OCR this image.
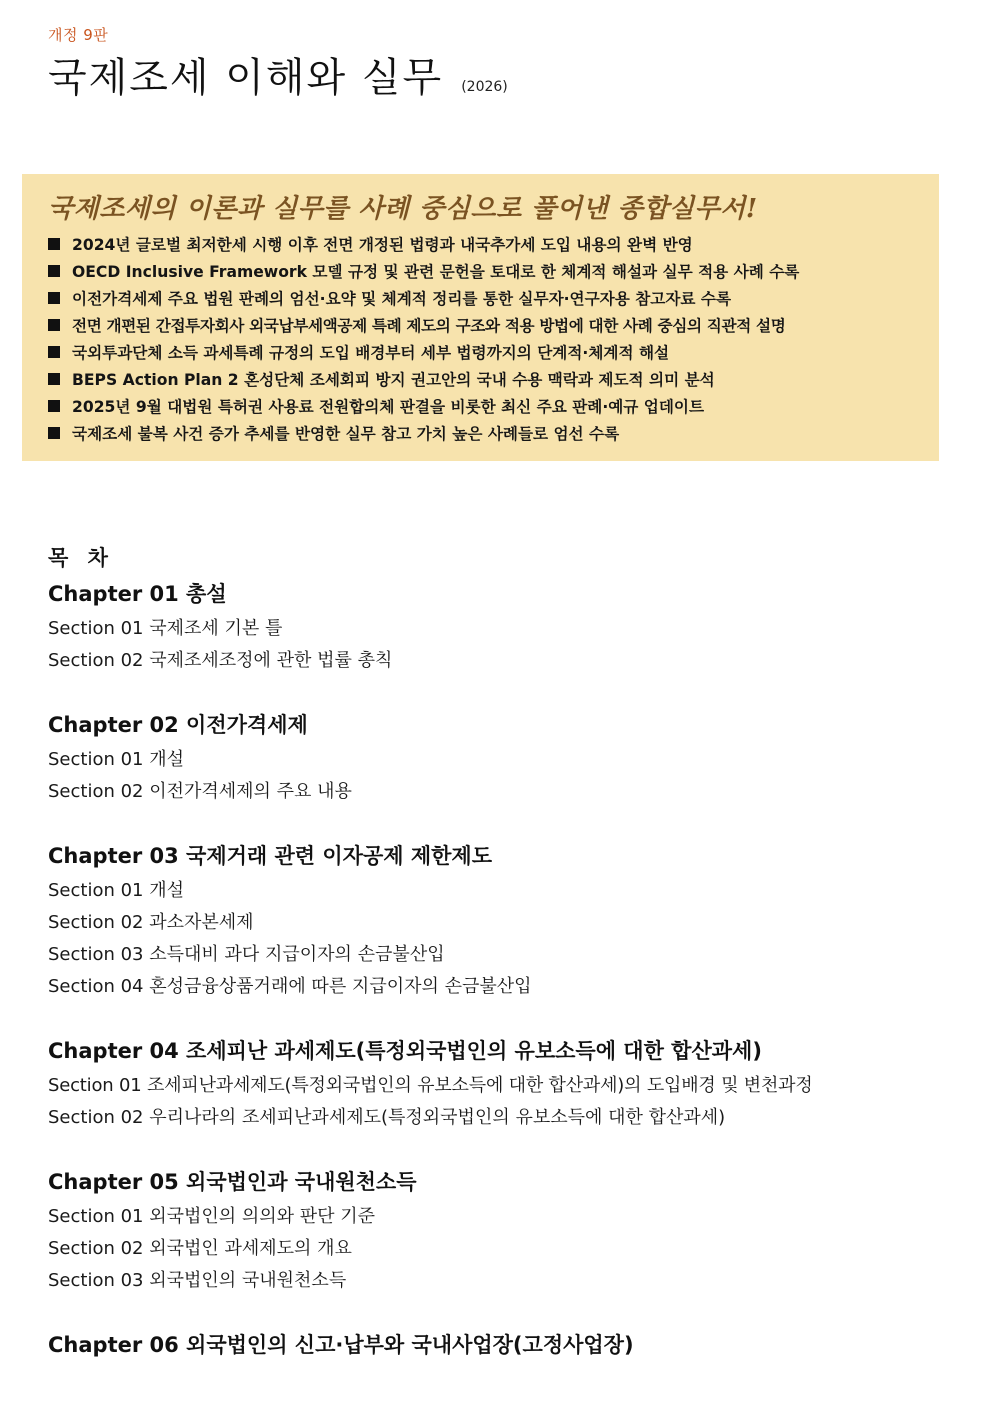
개정 9판
국제조세 이해와 실무 (2026)
국제조세의 이론과 실무를 사례 중심으로 풀어낸 종합실무서!
2024년 글로벌 최저한세 시행 이후 전면 개정된 법령과 내국추가세 도입 내용의 완벽 반영
OECD Inclusive Framework 모델 규정 및 관련 문헌을 토대로 한 체계적 해설과 실무 적용 사례 수록
이전가격세제 주요 법원 판례의 엄선·요약 및 체계적 정리를 통한 실무자·연구자용 참고자료 수록
전면 개편된 간접투자회사 외국납부세액공제 특례 제도의 구조와 적용 방법에 대한 사례 중심의 직관적 설명
국외투과단체 소득 과세특례 규정의 도입 배경부터 세부 법령까지의 단계적·체계적 해설
BEPS Action Plan 2 혼성단체 조세회피 방지 권고안의 국내 수용 맥락과 제도적 의미 분석
2025년 9월 대법원 특허권 사용료 전원합의체 판결을 비롯한 최신 주요 판례·예규 업데이트
국제조세 불복 사건 증가 추세를 반영한 실무 참고 가치 높은 사례들로 엄선 수록
목 차
Chapter 01 총설
Section 01 국제조세 기본 틀
Section 02 국제조세조정에 관한 법률 총칙
Chapter 02 이전가격세제
Section 01 개설
Section 02 이전가격세제의 주요 내용
Chapter 03 국제거래 관련 이자공제 제한제도
Section 01 개설
Section 02 과소자본세제
Section 03 소득대비 과다 지급이자의 손금불산입
Section 04 혼성금융상품거래에 따른 지급이자의 손금불산입
Chapter 04 조세피난 과세제도(특정외국법인의 유보소득에 대한 합산과세)
Section 01 조세피난과세제도(특정외국법인의 유보소득에 대한 합산과세)의 도입배경 및 변천과정
Section 02 우리나라의 조세피난과세제도(특정외국법인의 유보소득에 대한 합산과세)
Chapter 05 외국법인과 국내원천소득
Section 01 외국법인의 의의와 판단 기준
Section 02 외국법인 과세제도의 개요
Section 03 외국법인의 국내원천소득
Chapter 06 외국법인의 신고·납부와 국내사업장(고정사업장)
